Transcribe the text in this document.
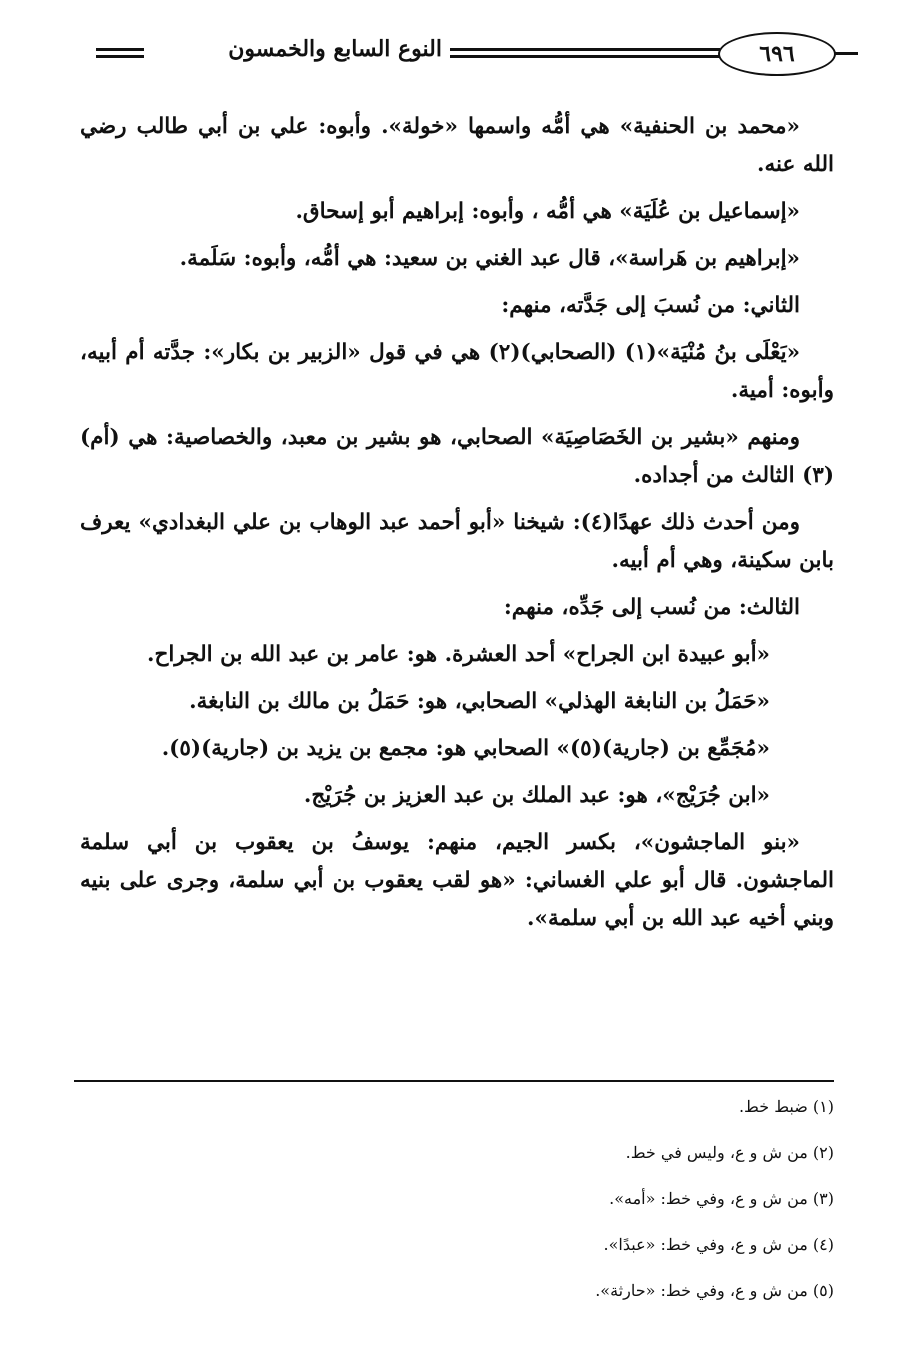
٦٩٦
النوع السابع والخمسون

«محمد بن الحنفية» هي أمُّه واسمها «خولة». وأبوه: علي بن أبي طالب رضي الله عنه.

«إسماعيل بن عُلَيَة» هي أمُّه ، وأبوه: إبراهيم أبو إسحاق.

«إبراهيم بن هَراسة»، قال عبد الغني بن سعيد: هي أمُّه، وأبوه: سَلَمة.

الثاني: من نُسبَ إلى جَدَّته، منهم:

«يَعْلَى بنُ مُنْيَة»(١) (الصحابي)(٢) هي في قول «الزبير بن بكار»: جدَّته أم أبيه، وأبوه: أمية.

ومنهم «بشير بن الخَصَاصِيَة» الصحابي، هو بشير بن معبد، والخصاصية: هي (أم)(٣) الثالث من أجداده.

ومن أحدث ذلك عهدًا(٤): شيخنا «أبو أحمد عبد الوهاب بن علي البغدادي» يعرف بابن سكينة، وهي أم أبيه.

الثالث: من نُسب إلى جَدِّه، منهم:

«أبو عبيدة ابن الجراح» أحد العشرة. هو: عامر بن عبد الله بن الجراح.

«حَمَلُ بن النابغة الهذلي» الصحابي، هو: حَمَلُ بن مالك بن النابغة.

«مُجَمِّع بن (جارية)(٥)» الصحابي هو: مجمع بن يزيد بن (جارية)(٥).

«ابن جُرَيْج»، هو: عبد الملك بن عبد العزيز بن جُرَيْج.

«بنو الماجشون»، بكسر الجيم، منهم: يوسفُ بن يعقوب بن أبي سلمة الماجشون. قال أبو علي الغساني: «هو لقب يعقوب بن أبي سلمة، وجرى على بنيه وبني أخيه عبد الله بن أبي سلمة».

(١) ضبط خط.
(٢) من ش و ع، وليس في خط.
(٣) من ش و ع، وفي خط: «أمه».
(٤) من ش و ع، وفي خط: «عبدًا».
(٥) من ش و ع، وفي خط: «حارثة».
